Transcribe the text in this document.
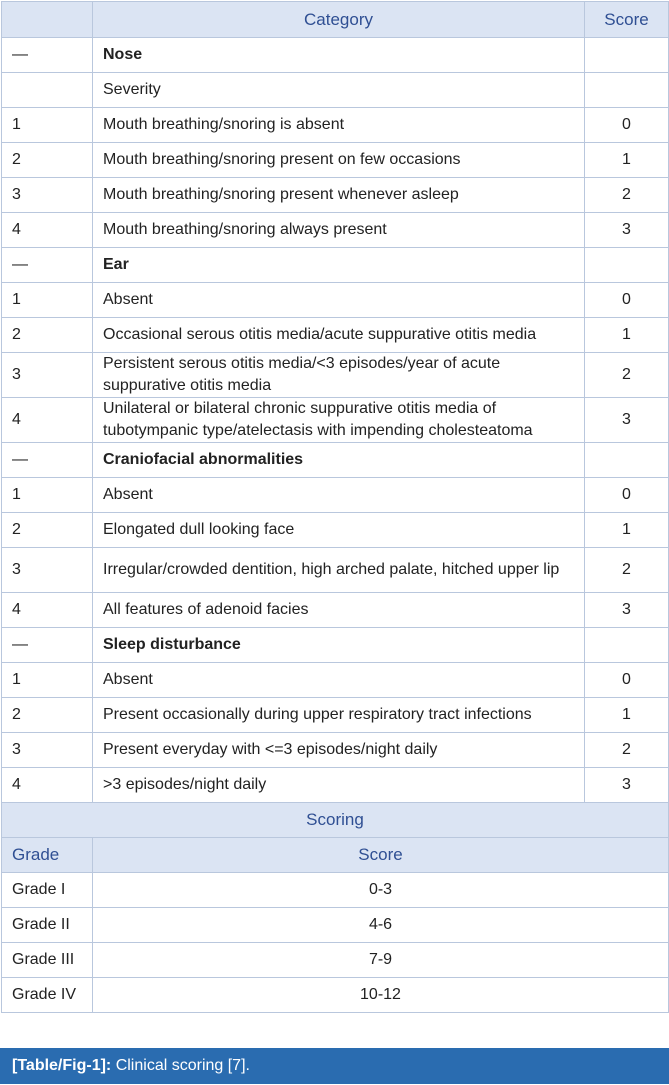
	Category	Score
—	Nose	
	Severity	
1	Mouth breathing/snoring is absent	0
2	Mouth breathing/snoring present on few occasions	1
3	Mouth breathing/snoring present whenever asleep	2
4	Mouth breathing/snoring always present	3
—	Ear	
1	Absent	0
2	Occasional serous otitis media/acute suppurative otitis media	1
3	Persistent serous otitis media/<3 episodes/year of acute suppurative otitis media	2
4	Unilateral or bilateral chronic suppurative otitis media of tubotympanic type/atelectasis with impending cholesteatoma	3
—	Craniofacial abnormalities	
1	Absent	0
2	Elongated dull looking face	1
3	Irregular/crowded dentition, high arched palate, hitched upper lip	2
4	All features of adenoid facies	3
—	Sleep disturbance	
1	Absent	0
2	Present occasionally during upper respiratory tract infections	1
3	Present everyday with <=3 episodes/night daily	2
4	>3 episodes/night daily	3
Scoring		
Grade	Score	
Grade I	0-3	
Grade II	4-6	
Grade III	7-9	
Grade IV	10-12	
[Table/Fig-1]: Clinical scoring [7].
